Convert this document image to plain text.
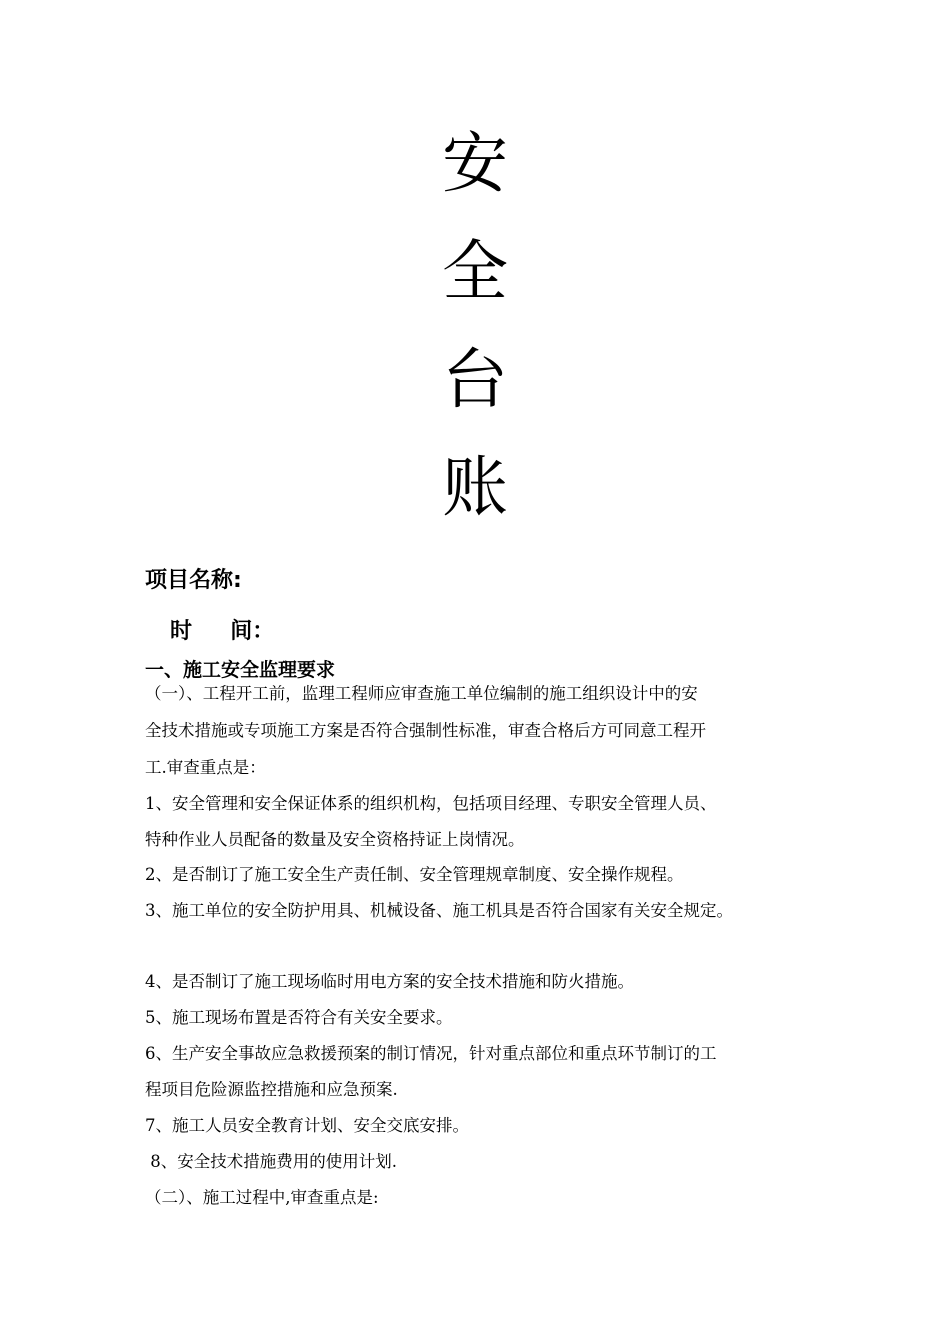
安
全
台
账

项目名称:

时     间：

一、施工安全监理要求

（一）、工程开工前，监理工程师应审查施工单位编制的施工组织设计中的安

全技术措施或专项施工方案是否符合强制性标准，审查合格后方可同意工程开

工.审查重点是：

1、安全管理和安全保证体系的组织机构，包括项目经理、专职安全管理人员、

特种作业人员配备的数量及安全资格持证上岗情况。

2、是否制订了施工安全生产责任制、安全管理规章制度、安全操作规程。

3、施工单位的安全防护用具、机械设备、施工机具是否符合国家有关安全规定。

4、是否制订了施工现场临时用电方案的安全技术措施和防火措施。

5、施工现场布置是否符合有关安全要求。

6、生产安全事故应急救援预案的制订情况，针对重点部位和重点环节制订的工

程项目危险源监控措施和应急预案.

7、施工人员安全教育计划、安全交底安排。

8、安全技术措施费用的使用计划.

（二）、施工过程中,审查重点是:
